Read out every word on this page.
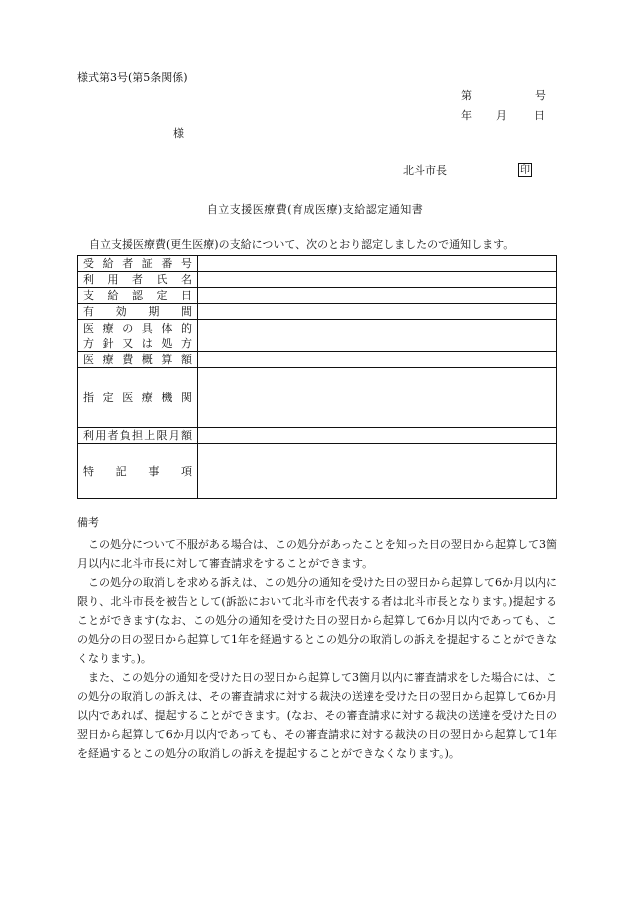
様式第3号(第5条関係)
第	号
年 月 日
様
北斗市長	印
自立支援医療費(育成医療)支給認定通知書
自立支援医療費(更生医療)の支給について、次のとおり認定しましたので通知します。
受給者証番号	

利用者氏名	

支給認定日	

有効期間	

医療の具体的
方針又は処方	

医療費概算額	

指定医療機関	

利用者負担上限月額	

特記事項	

備考

この処分について不服がある場合は、この処分があったことを知った日の翌日から起算して3箇月以内に北斗市長に対して審査請求をすることができます。

この処分の取消しを求める訴えは、この処分の通知を受けた日の翌日から起算して6か月以内に限り、北斗市長を被告として(訴訟において北斗市を代表する者は北斗市長となります。)提起することができます(なお、この処分の通知を受けた日の翌日から起算して6か月以内であっても、この処分の日の翌日から起算して1年を経過するとこの処分の取消しの訴えを提起することができなくなります。)。

また、この処分の通知を受けた日の翌日から起算して3箇月以内に審査請求をした場合には、この処分の取消しの訴えは、その審査請求に対する裁決の送達を受けた日の翌日から起算して6か月以内であれば、提起することができます。(なお、その審査請求に対する裁決の送達を受けた日の翌日から起算して6か月以内であっても、その審査請求に対する裁決の日の翌日から起算して1年を経過するとこの処分の取消しの訴えを提起することができなくなります。)。
